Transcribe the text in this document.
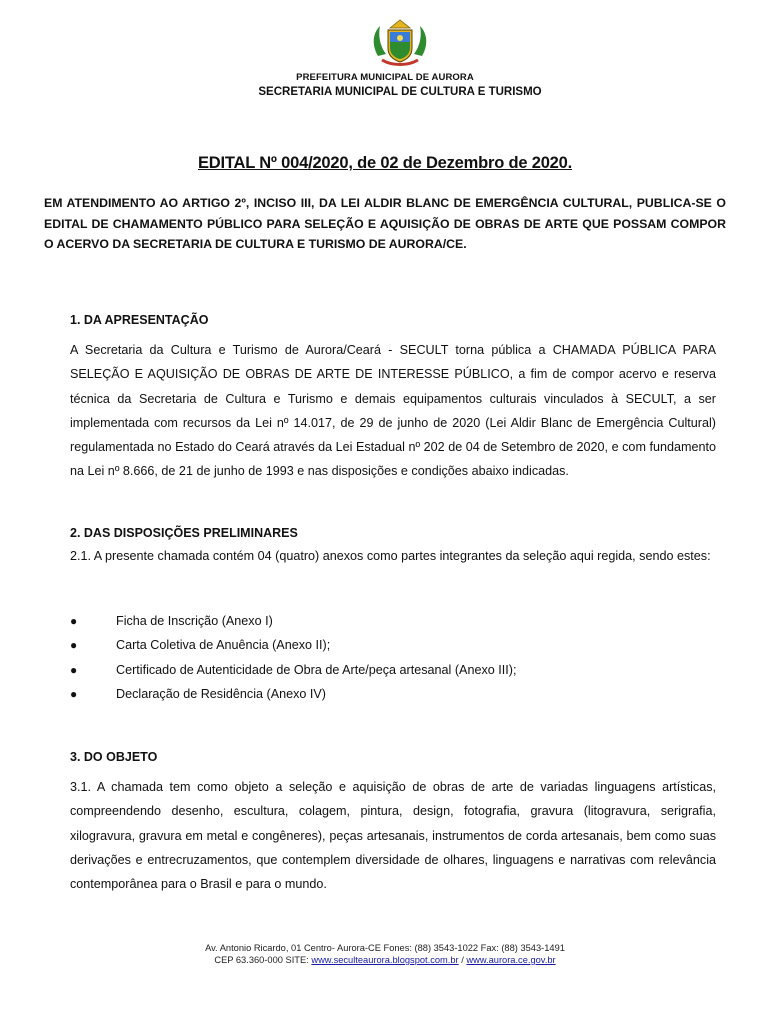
PREFEITURA MUNICIPAL DE AURORA
SECRETARIA MUNICIPAL DE CULTURA E TURISMO
EDITAL Nº 004/2020, de 02 de Dezembro de 2020.
EM ATENDIMENTO AO ARTIGO 2º, INCISO III, DA LEI ALDIR BLANC DE EMERGÊNCIA CULTURAL, PUBLICA-SE O EDITAL DE CHAMAMENTO PÚBLICO PARA SELEÇÃO E AQUISIÇÃO DE OBRAS DE ARTE QUE POSSAM COMPOR O ACERVO DA SECRETARIA DE CULTURA E TURISMO DE AURORA/CE.
1. DA APRESENTAÇÃO
A Secretaria da Cultura e Turismo de Aurora/Ceará - SECULT torna pública a CHAMADA PÚBLICA PARA SELEÇÃO E AQUISIÇÃO DE OBRAS DE ARTE DE INTERESSE PÚBLICO, a fim de compor acervo e reserva técnica da Secretaria de Cultura e Turismo e demais equipamentos culturais vinculados à SECULT, a ser implementada com recursos da Lei nº 14.017, de 29 de junho de 2020 (Lei Aldir Blanc de Emergência Cultural) regulamentada no Estado do Ceará através da Lei Estadual nº 202 de 04 de Setembro de 2020, e com fundamento na Lei nº 8.666, de 21 de junho de 1993 e nas disposições e condições abaixo indicadas.
2. DAS DISPOSIÇÕES PRELIMINARES
2.1. A presente chamada contém 04 (quatro) anexos como partes integrantes da seleção aqui regida, sendo estes:
●	Ficha de Inscrição (Anexo I)
●	Carta Coletiva de Anuência (Anexo II);
●	Certificado de Autenticidade de Obra de Arte/peça artesanal (Anexo III);
●	Declaração de Residência (Anexo IV)
3. DO OBJETO
3.1. A chamada tem como objeto a seleção e aquisição de obras de arte de variadas linguagens artísticas, compreendendo desenho, escultura, colagem, pintura, design, fotografia, gravura (litogravura, serigrafia, xilogravura, gravura em metal e congêneres), peças artesanais, instrumentos de corda artesanais, bem como suas derivações e entrecruzamentos, que contemplem diversidade de olhares, linguagens e narrativas com relevância contemporânea para o Brasil e para o mundo.
Av. Antonio Ricardo, 01 Centro- Aurora-CE Fones: (88) 3543-1022 Fax: (88) 3543-1491
CEP 63.360-000 SITE: www.seculteaurora.blogspot.com.br / www.aurora.ce.gov.br
